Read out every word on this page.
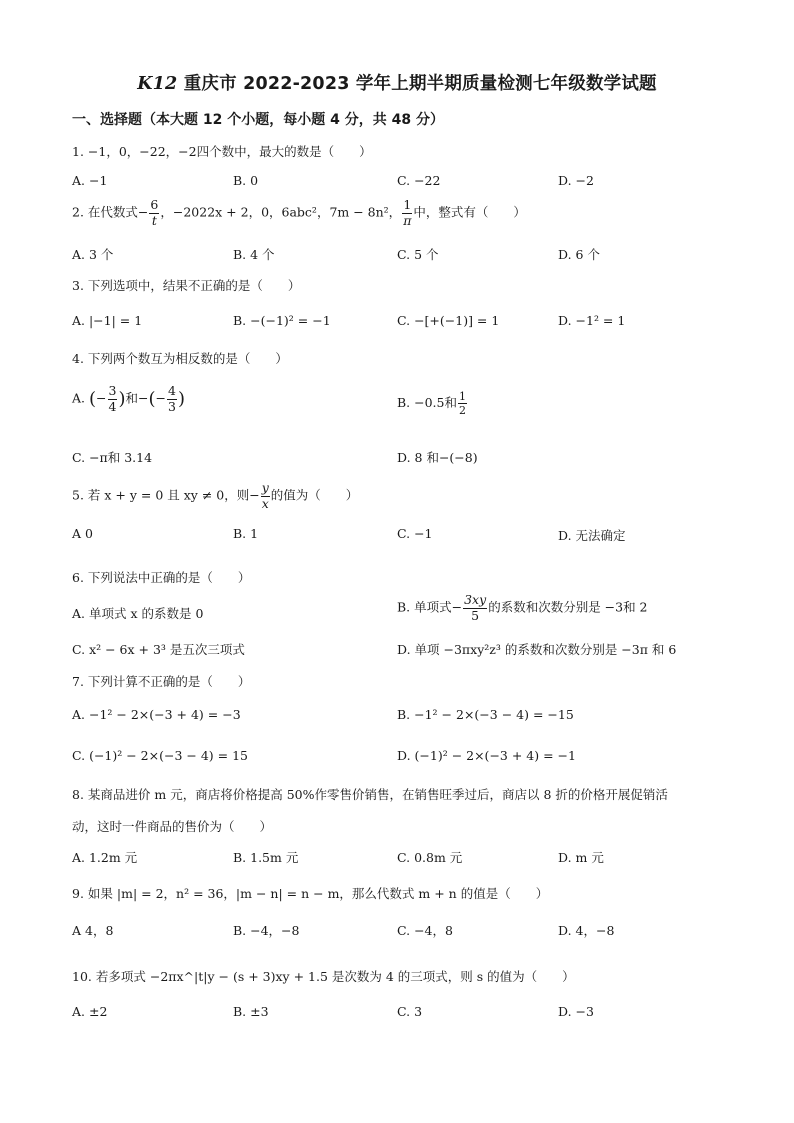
K12 重庆市 2022-2023 学年上期半期质量检测七年级数学试题
一、选择题（本大题 12 个小题，每小题 4 分，共 48 分）
1. −1，0，−22，−2四个数中，最大的数是（　　）
A. −1	B. 0	C. −22	D. −2
2. 在代数式− $\frac{6}{t}$ ，−2022x + 2，0，6abc²，7m − 8n²， $\frac{1}{\pi}$ 中，整式有（　　）
A. 3 个	B. 4 个	C. 5 个	D. 6 个
3. 下列选项中，结果不正确的是（　　）
A. |−1| = 1	B. −(−1)² = −1	C. −[+(−1)] = 1	D. −1² = 1
4. 下列两个数互为相反数的是（　　）
A. (− $\frac{3}{4}$ )和−(− $\frac{4}{3}$ )	B. −0.5和 $\frac{1}{2}$
C. −π和 3.14	D. 8 和−(−8)
5. 若 x + y = 0 且 xy ≠ 0，则− $\frac{y}{x}$ 的值为（　　）
A 0	B. 1	C. −1	D. 无法确定
6. 下列说法中正确的是（　　）
A. 单项式 x 的系数是 0	B. 单项式− $\frac{3xy}{5}$ 的系数和次数分别是 −3和 2
C. x² − 6x + 3³ 是五次三项式	D. 单项 −3πxy²z³ 的系数和次数分别是 −3π 和 6
7. 下列计算不正确的是（　　）
A. −1² − 2×(−3 + 4) = −3	B. −1² − 2×(−3 − 4) = −15
C. (−1)² − 2×(−3 − 4) = 15	D. (−1)² − 2×(−3 + 4) = −1
8. 某商品进价 m 元，商店将价格提高 50%作零售价销售，在销售旺季过后，商店以 8 折的价格开展促销活
动，这时一件商品的售价为（　　）
A. 1.2m 元	B. 1.5m 元	C. 0.8m 元	D. m 元
9. 如果 |m| = 2，n² = 36，|m − n| = n − m，那么代数式 m + n 的值是（　　）
A 4，8	B. −4，−8	C. −4，8	D. 4，−8
10. 若多项式 −2πx^|t|y − (s + 3)xy + 1.5 是次数为 4 的三项式，则 s 的值为（　　）
A. ±2	B. ±3	C. 3	D. −3
